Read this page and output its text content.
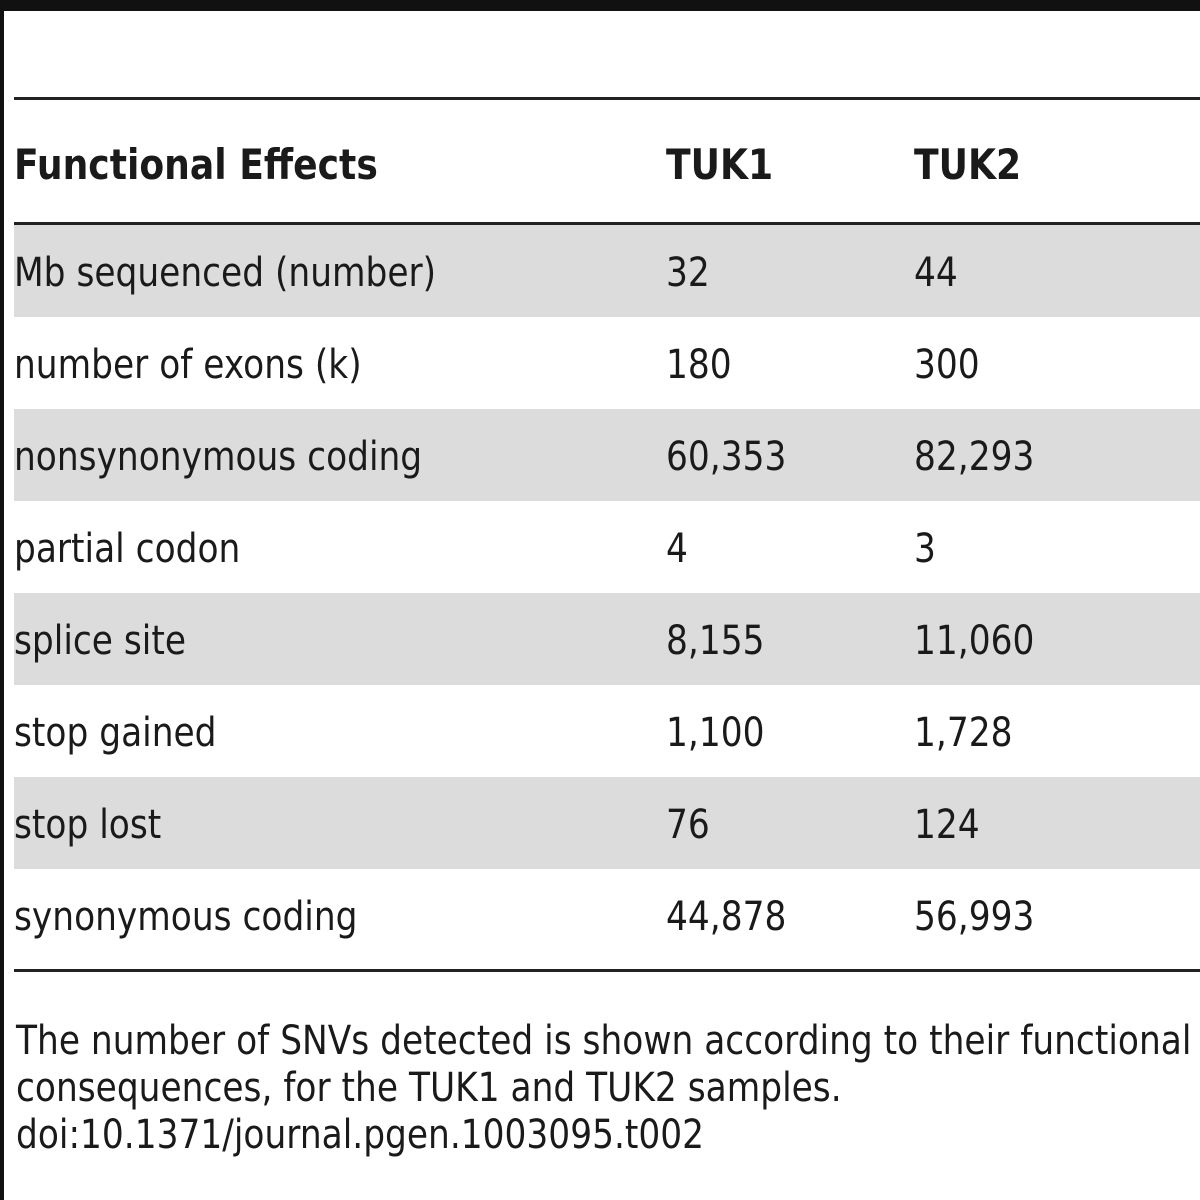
Functional Effects	TUK1	TUK2
Mb sequenced (number)	32	44
number of exons (k)	180	300
nonsynonymous coding	60,353	82,293
partial codon	4	3
splice site	8,155	11,060
stop gained	1,100	1,728
stop lost	76	124
synonymous coding	44,878	56,993
The number of SNVs detected is shown according to their functional
consequences, for the TUK1 and TUK2 samples.
doi:10.1371/journal.pgen.1003095.t002
